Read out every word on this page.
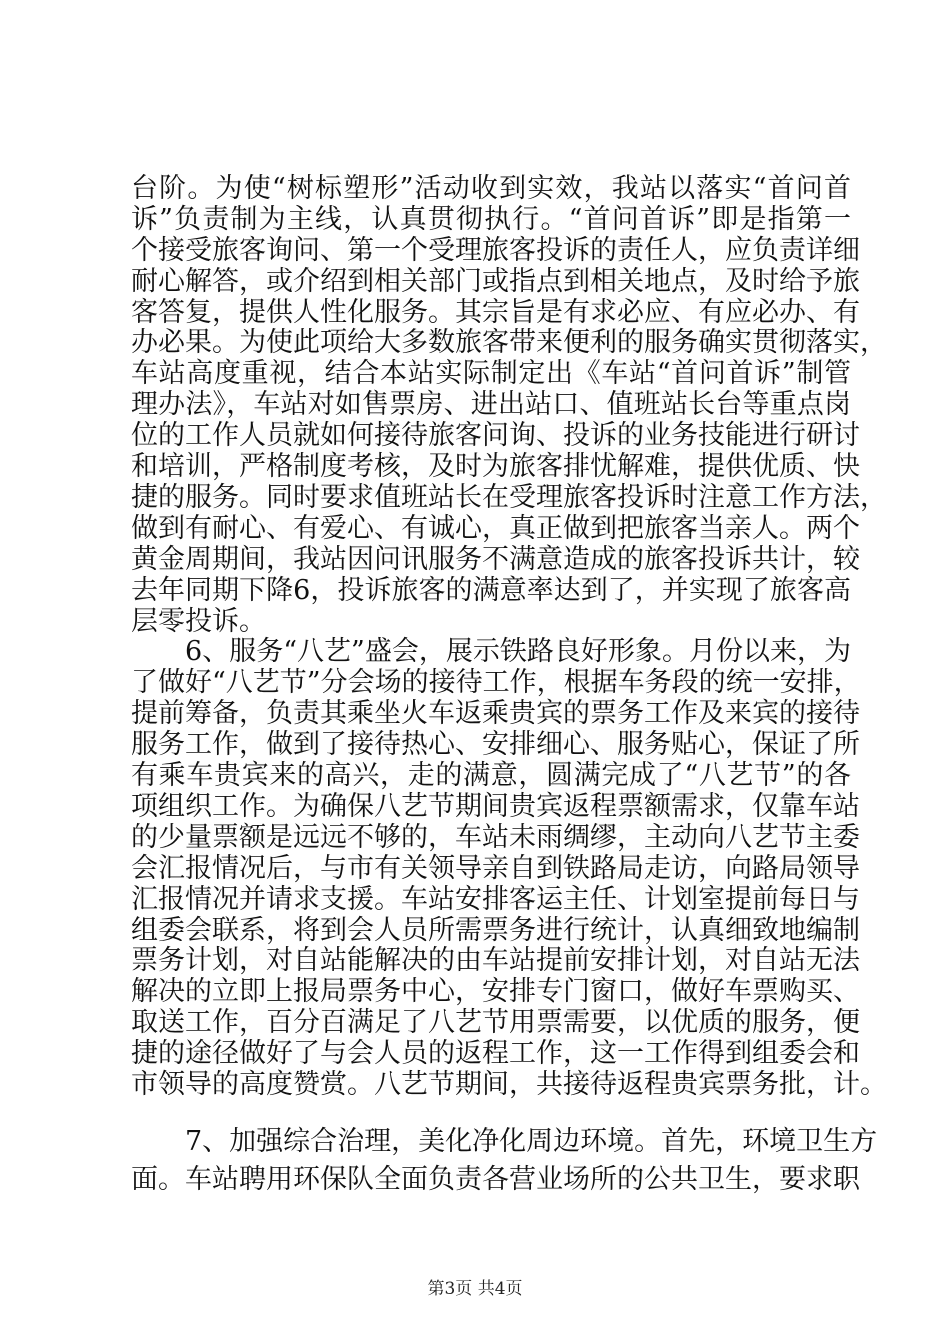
台阶。为使“树标塑形”活动收到实效，我站以落实“首问首
诉”负责制为主线，认真贯彻执行。“首问首诉”即是指第一
个接受旅客询问、第一个受理旅客投诉的责任人，应负责详细
耐心解答，或介绍到相关部门或指点到相关地点，及时给予旅
客答复，提供人性化服务。其宗旨是有求必应、有应必办、有
办必果。为使此项给大多数旅客带来便利的服务确实贯彻落实，
车站高度重视，结合本站实际制定出《车站“首问首诉”制管
理办法》，车站对如售票房、进出站口、值班站长台等重点岗
位的工作人员就如何接待旅客问询、投诉的业务技能进行研讨
和培训，严格制度考核，及时为旅客排忧解难，提供优质、快
捷的服务。同时要求值班站长在受理旅客投诉时注意工作方法，
做到有耐心、有爱心、有诚心，真正做到把旅客当亲人。两个
黄金周期间，我站因问讯服务不满意造成的旅客投诉共计，较
去年同期下降6，投诉旅客的满意率达到了，并实现了旅客高
层零投诉。
　　6、服务“八艺”盛会，展示铁路良好形象。月份以来，为
了做好“八艺节”分会场的接待工作，根据车务段的统一安排，
提前筹备，负责其乘坐火车返乘贵宾的票务工作及来宾的接待
服务工作，做到了接待热心、安排细心、服务贴心，保证了所
有乘车贵宾来的高兴，走的满意，圆满完成了“八艺节”的各
项组织工作。为确保八艺节期间贵宾返程票额需求，仅靠车站
的少量票额是远远不够的，车站未雨绸缪，主动向八艺节主委
会汇报情况后，与市有关领导亲自到铁路局走访，向路局领导
汇报情况并请求支援。车站安排客运主任、计划室提前每日与
组委会联系，将到会人员所需票务进行统计，认真细致地编制
票务计划，对自站能解决的由车站提前安排计划，对自站无法
解决的立即上报局票务中心，安排专门窗口，做好车票购买、
取送工作，百分百满足了八艺节用票需要，以优质的服务，便
捷的途径做好了与会人员的返程工作，这一工作得到组委会和
市领导的高度赞赏。八艺节期间，共接待返程贵宾票务批，计。
　　7、加强综合治理，美化净化周边环境。首先，环境卫生方
面。车站聘用环保队全面负责各营业场所的公共卫生，要求职
第3页 共4页
